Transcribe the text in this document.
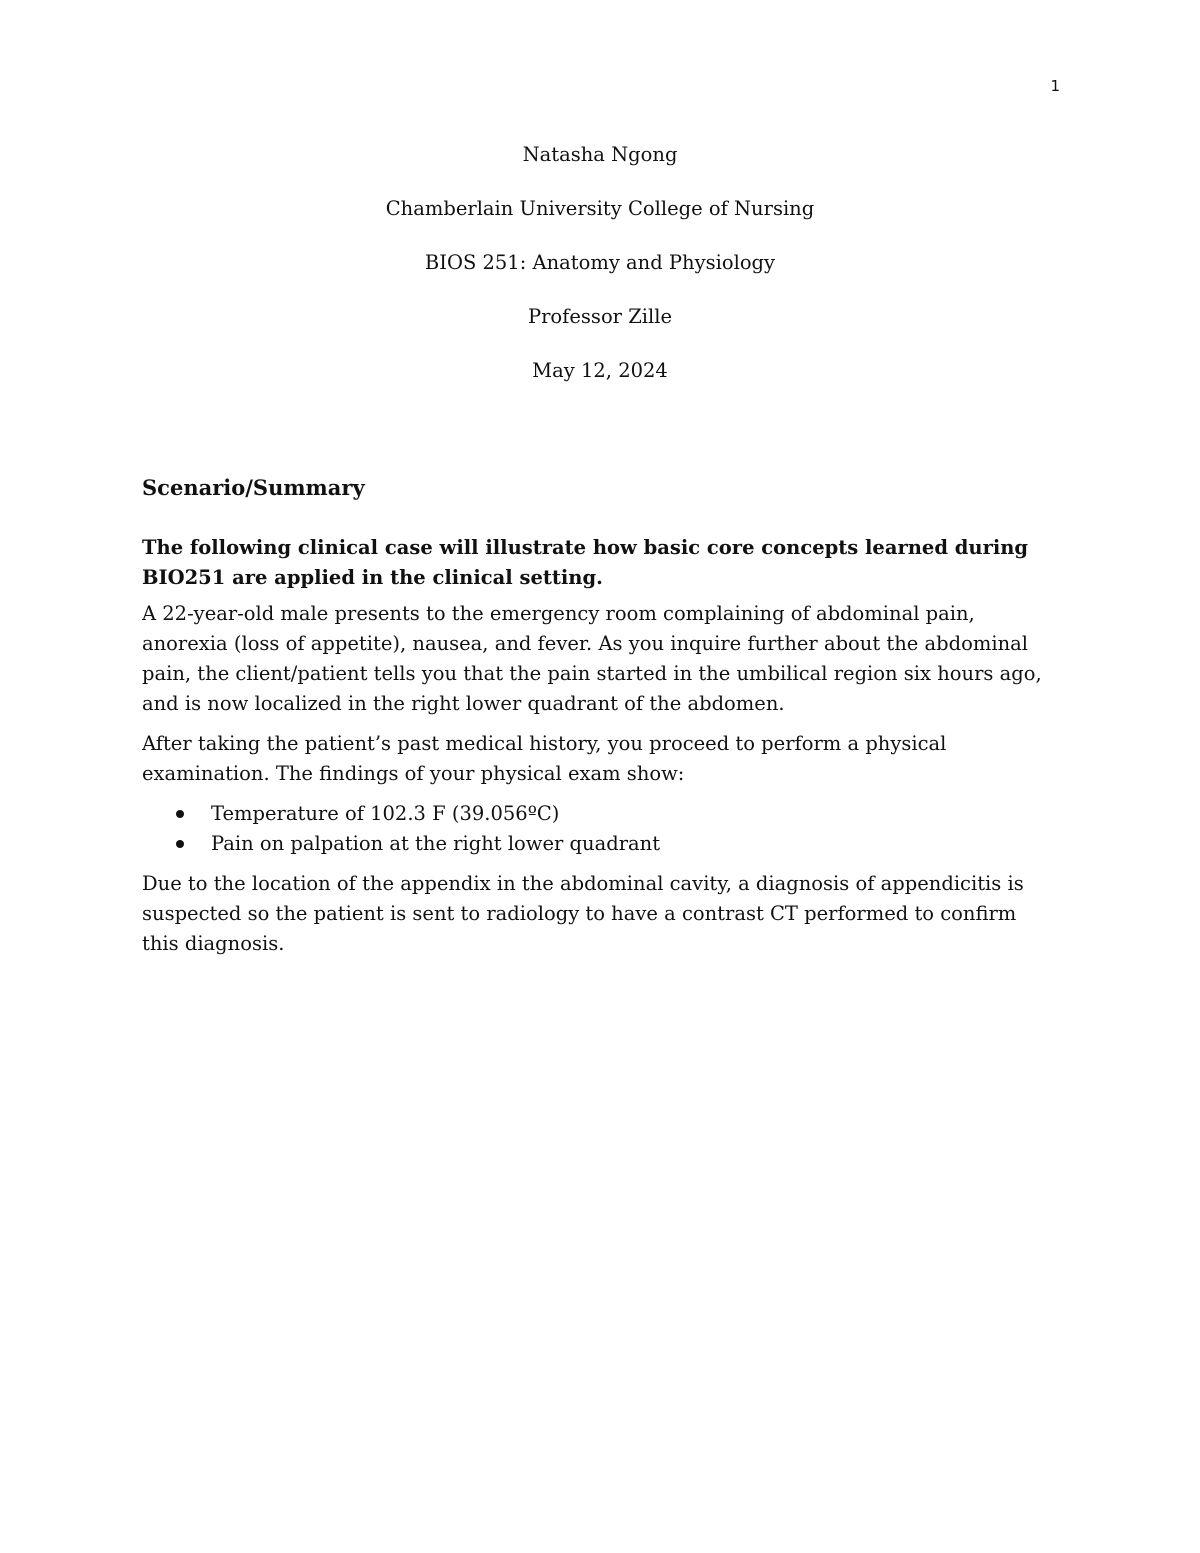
1
Natasha Ngong
Chamberlain University College of Nursing
BIOS 251: Anatomy and Physiology
Professor Zille
May 12, 2024
Scenario/Summary

The following clinical case will illustrate how basic core concepts learned during BIO251 are applied in the clinical setting.

A 22-year-old male presents to the emergency room complaining of abdominal pain, anorexia (loss of appetite), nausea, and fever. As you inquire further about the abdominal pain, the client/patient tells you that the pain started in the umbilical region six hours ago, and is now localized in the right lower quadrant of the abdomen.

After taking the patient’s past medical history, you proceed to perform a physical examination. The findings of your physical exam show:

Temperature of 102.3 F (39.056ºC)
Pain on palpation at the right lower quadrant

Due to the location of the appendix in the abdominal cavity, a diagnosis of appendicitis is suspected so the patient is sent to radiology to have a contrast CT performed to confirm this diagnosis.
